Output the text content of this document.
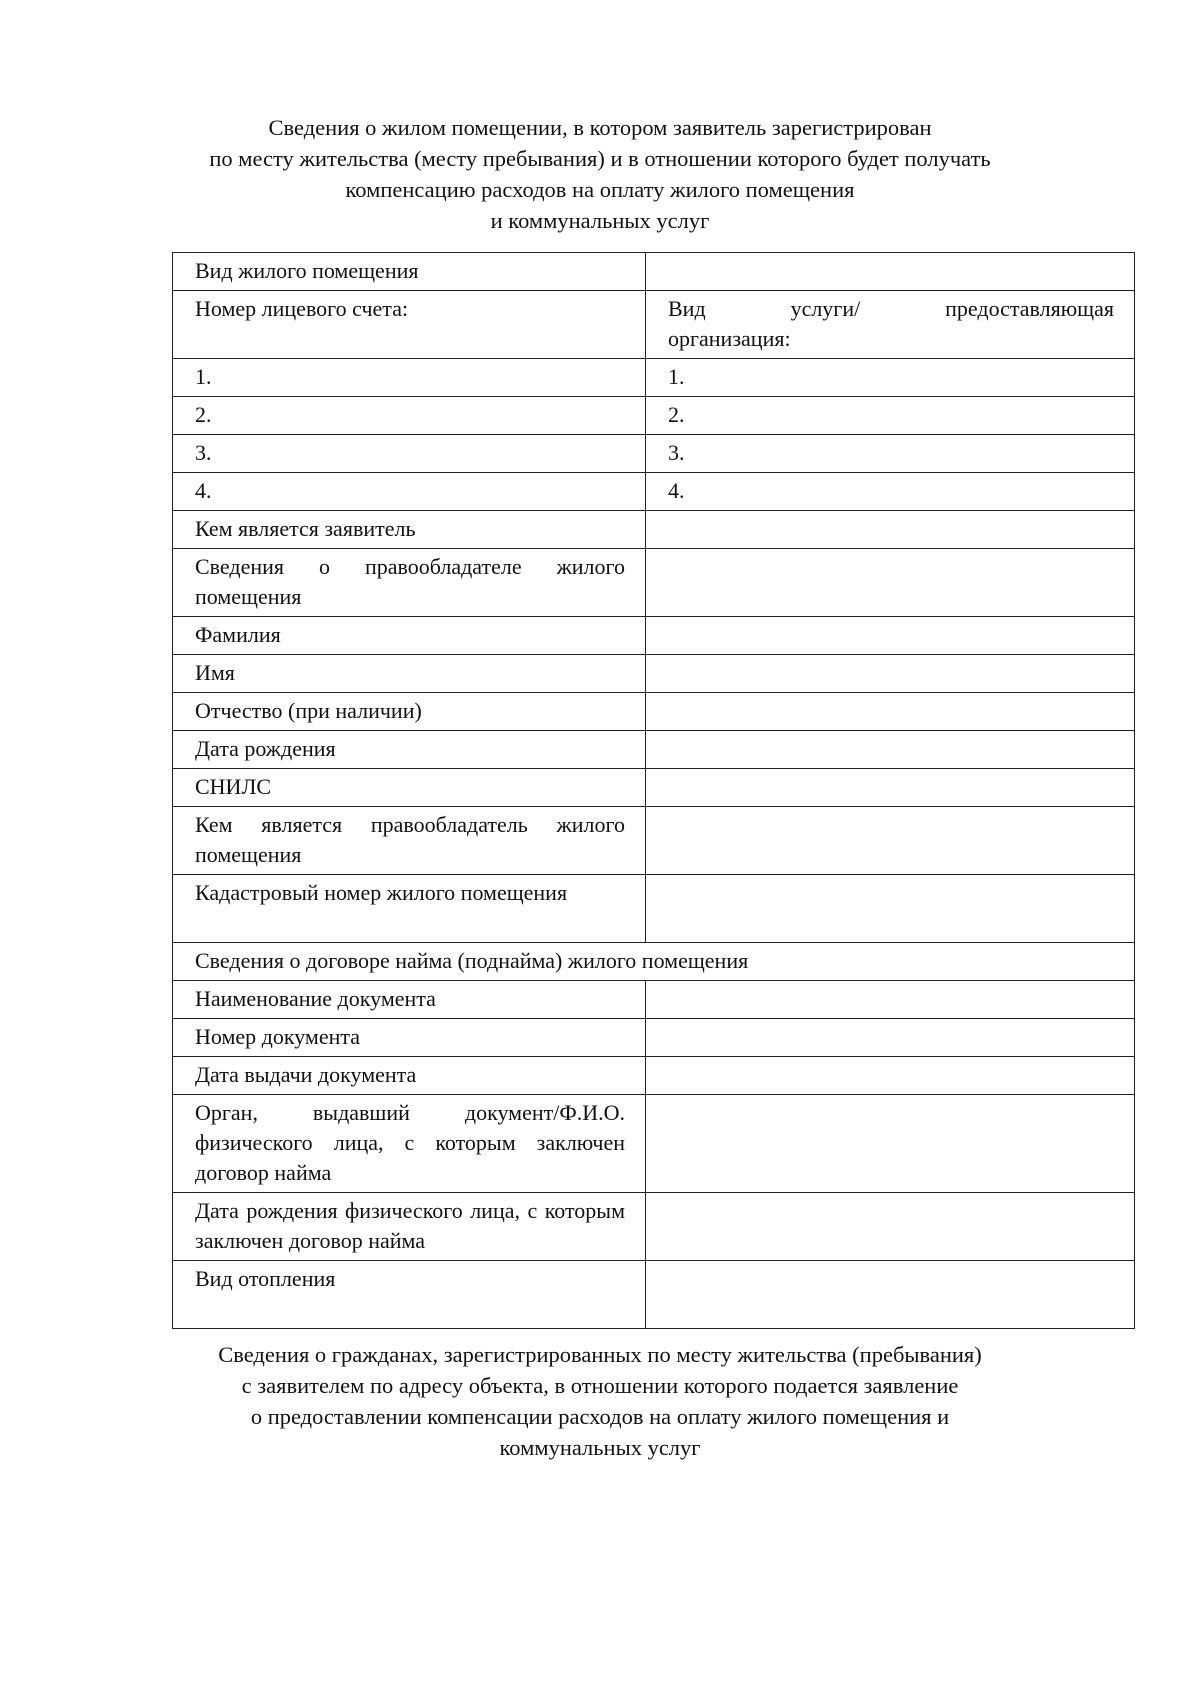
Сведения о жилом помещении, в котором заявитель зарегистрирован
по месту жительства (месту пребывания) и в отношении которого будет получать
компенсацию расходов на оплату жилого помещения
и коммунальных услуг
Вид жилого помещения	
Номер лицевого счета:	Вид услуги/ предоставляющая
организация:

1.	1.
2.	2.
3.	3.
4.	4.
Кем является заявитель	
Сведения о правообладателе жилого помещения	
Фамилия	
Имя	
Отчество (при наличии)	
Дата рождения	
СНИЛС	
Кем является правообладатель жилого помещения	
Кадастровый номер жилого помещения	
Сведения о договоре найма (поднайма) жилого помещения	
Наименование документа	
Номер документа	
Дата выдачи документа	
Орган, выдавший документ/Ф.И.О. физического лица, с которым заключен договор найма	
Дата рождения физического лица, с которым заключен договор найма	
Вид отопления	
Сведения о гражданах, зарегистрированных по месту жительства (пребывания)
с заявителем по адресу объекта, в отношении которого подается заявление
о предоставлении компенсации расходов на оплату жилого помещения и
коммунальных услуг
